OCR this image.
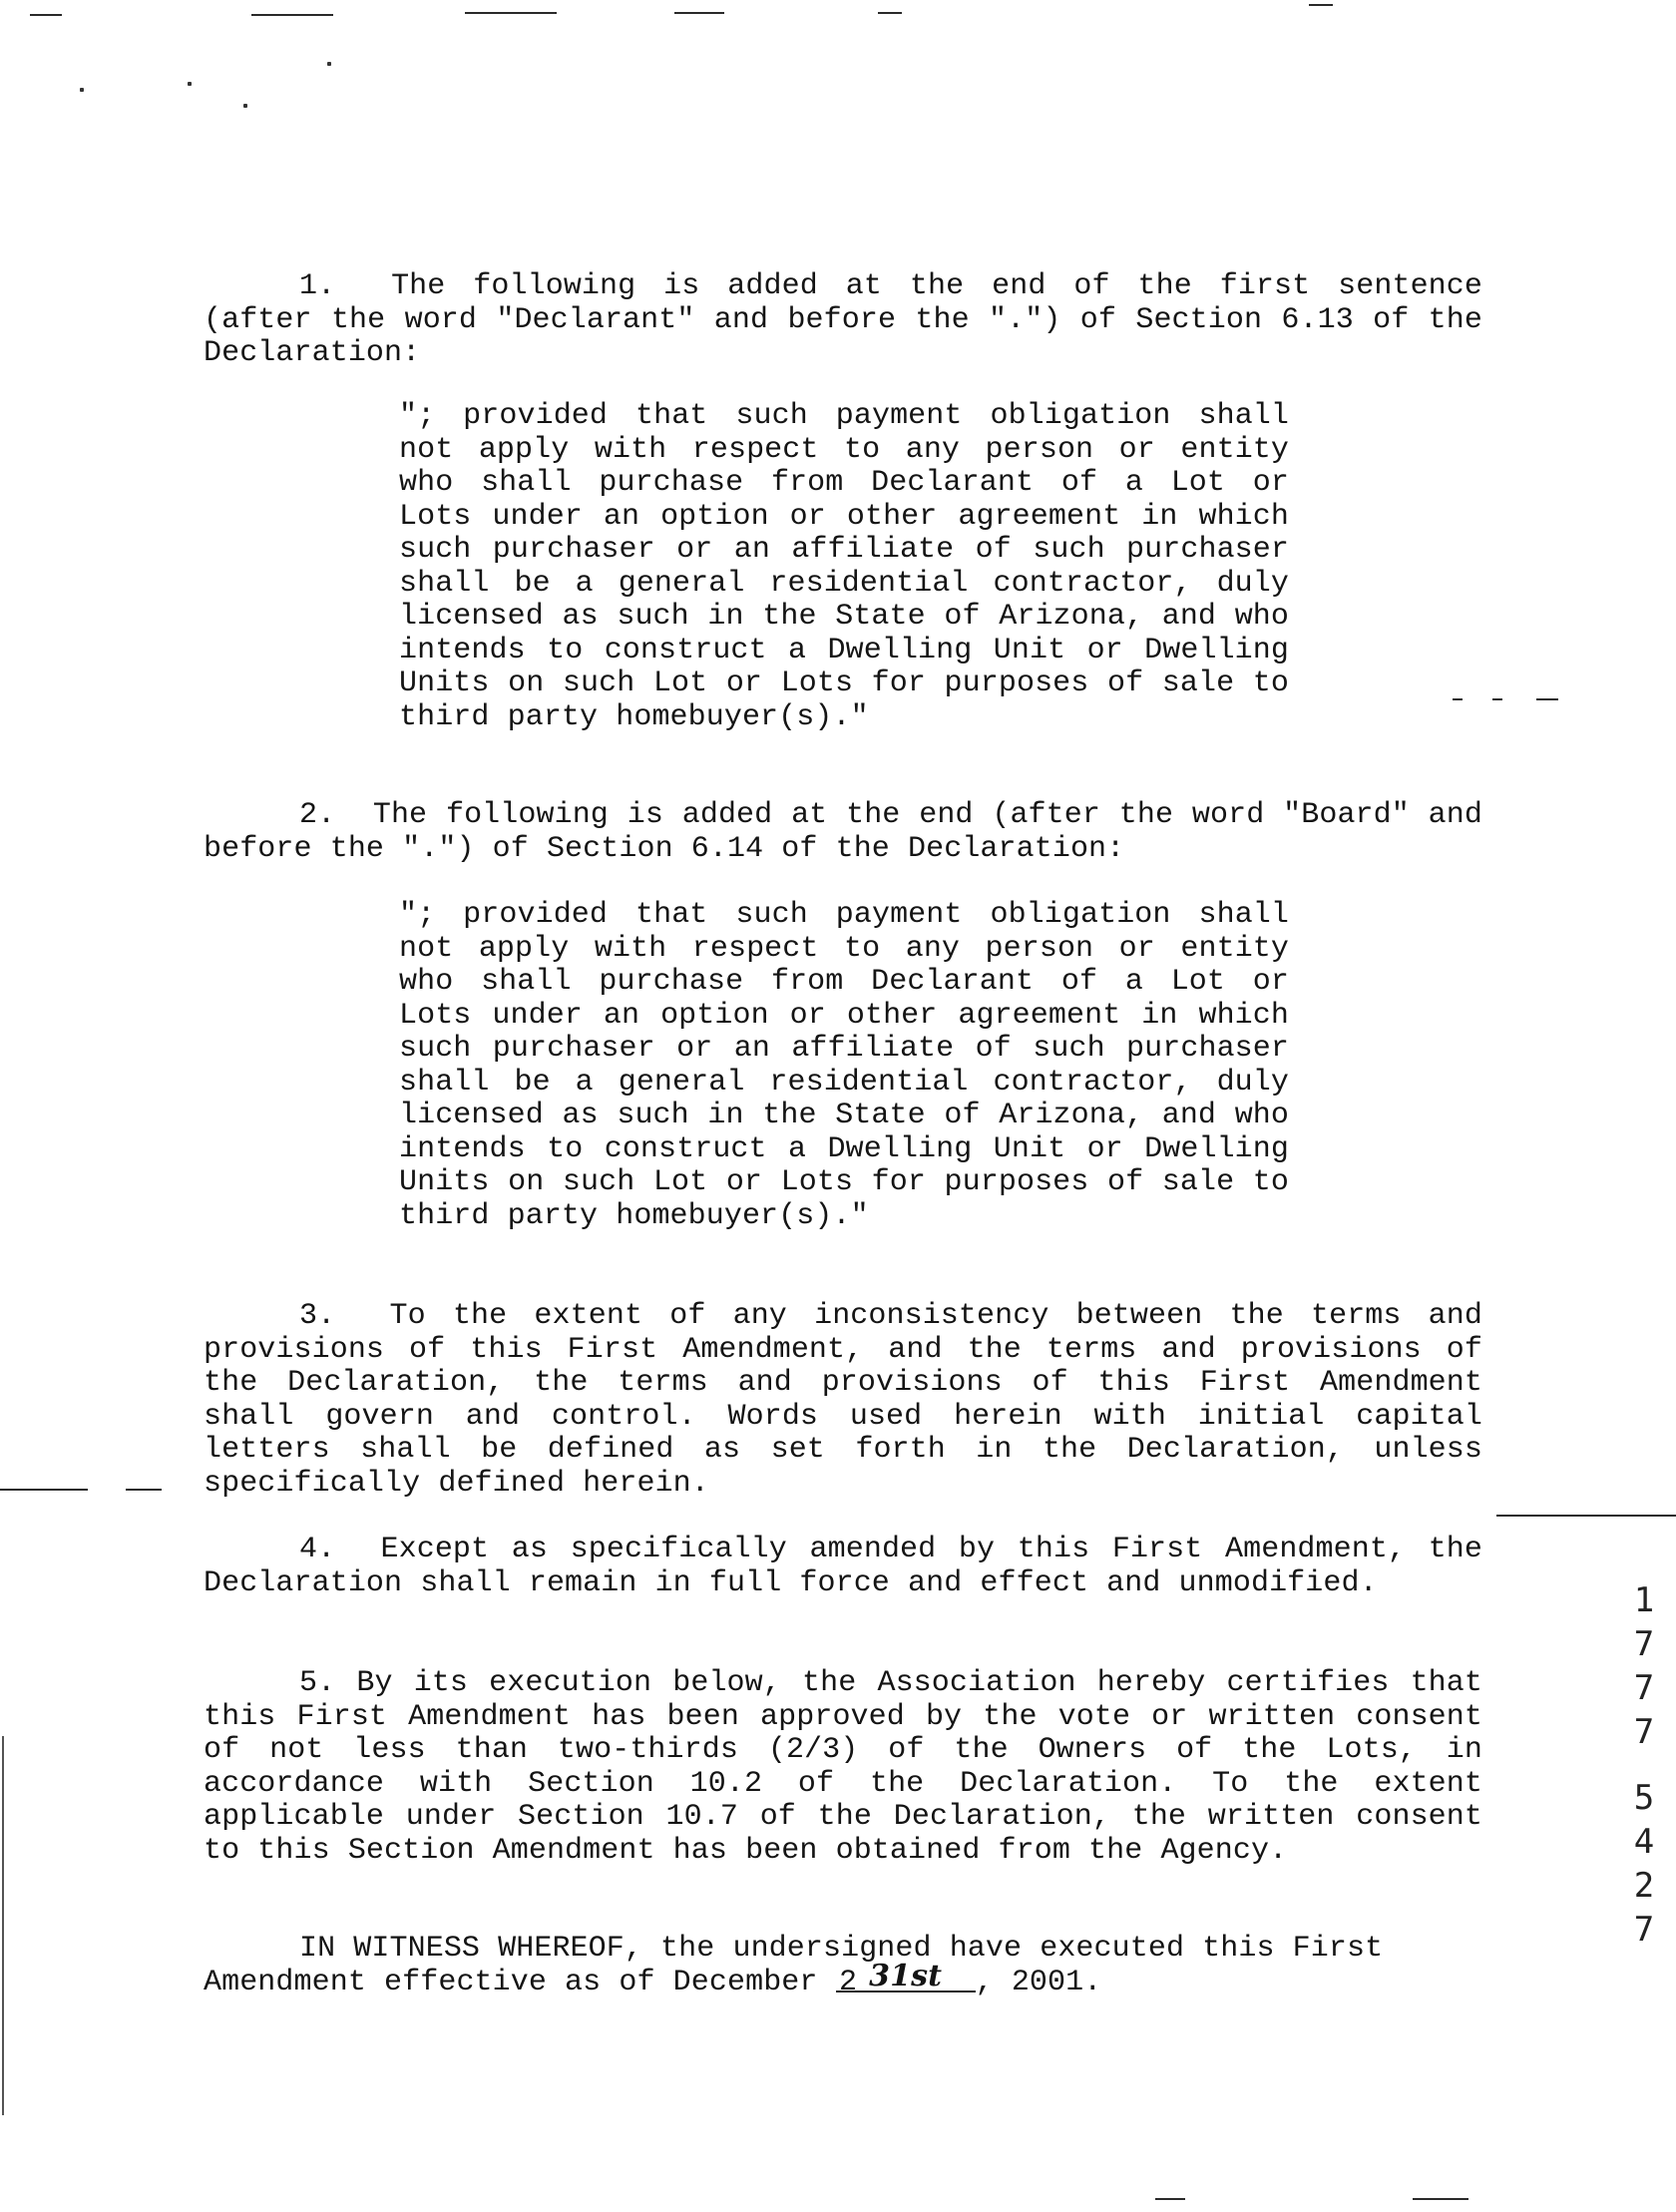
1.  The following is added at the end of the first sentence (after the word "Declarant" and before the ".") of Section 6.13 of the Declaration:

"; provided that such payment obligation shall not apply with respect to any person or entity who shall purchase from Declarant of a Lot or Lots under an option or other agreement in which such purchaser or an affiliate of such purchaser shall be a general residential contractor, duly licensed as such in the State of Arizona, and who intends to construct a Dwelling Unit or Dwelling Units on such Lot or Lots for purposes of sale to third party homebuyer(s)."

2.  The following is added at the end (after the word "Board" and before the ".") of Section 6.14 of the Declaration:

"; provided that such payment obligation shall not apply with respect to any person or entity who shall purchase from Declarant of a Lot or Lots under an option or other agreement in which such purchaser or an affiliate of such purchaser shall be a general residential contractor, duly licensed as such in the State of Arizona, and who intends to construct a Dwelling Unit or Dwelling Units on such Lot or Lots for purposes of sale to third party homebuyer(s)."

3.  To the extent of any inconsistency between the terms and provisions of this First Amendment, and the terms and provisions of the Declaration, the terms and provisions of this First Amendment shall govern and control. Words used herein with initial capital letters shall be defined as set forth in the Declaration, unless specifically defined herein.

4.  Except as specifically amended by this First Amendment, the Declaration shall remain in full force and effect and unmodified.

5. By its execution below, the Association hereby certifies that this First Amendment has been approved by the vote or written consent of not less than two-thirds (2/3) of the Owners of the Lots, in accordance with Section 10.2 of the Declaration. To the extent applicable under Section 10.7 of the Declaration, the written consent to this Section Amendment has been obtained from the Agency.

IN WITNESS WHEREOF, the undersigned have executed this First Amendment effective as of December 31st , 2001.

2
1
7
7
7
5
4
2
7
